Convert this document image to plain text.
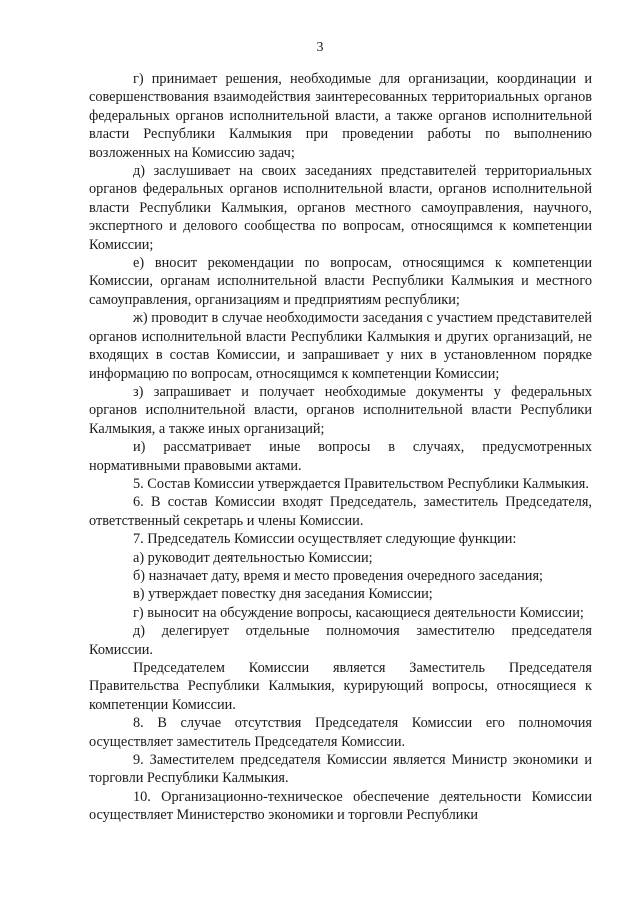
3

г) принимает решения, необходимые для организации, координации и совершенствования взаимодействия заинтересованных территориальных органов федеральных органов исполнительной власти, а также органов исполнительной власти Республики Калмыкия при проведении работы по выполнению возложенных на Комиссию задач;

д) заслушивает на своих заседаниях представителей территориальных органов федеральных органов исполнительной власти, органов исполнительной власти Республики Калмыкия, органов местного самоуправления, научного, экспертного и делового сообщества по вопросам, относящимся к компетенции Комиссии;

е) вносит рекомендации по вопросам, относящимся к компетенции Комиссии, органам исполнительной власти Республики Калмыкия и местного самоуправления, организациям и предприятиям республики;

ж) проводит в случае необходимости заседания с участием представителей органов исполнительной власти Республики Калмыкия и других организаций, не входящих в состав Комиссии, и запрашивает у них в установленном порядке информацию по вопросам, относящимся к компетенции Комиссии;

з) запрашивает и получает необходимые документы у федеральных органов исполнительной власти, органов исполнительной власти Республики Калмыкия, а также иных организаций;

и) рассматривает иные вопросы в случаях, предусмотренных нормативными правовыми актами.

5. Состав Комиссии утверждается Правительством Республики Калмыкия.

6. В состав Комиссии входят Председатель, заместитель Председателя, ответственный секретарь и члены Комиссии.

7. Председатель Комиссии осуществляет следующие функции:

а) руководит деятельностью Комиссии;

б) назначает дату, время и место проведения очередного заседания;

в) утверждает повестку дня заседания Комиссии;

г) выносит на обсуждение вопросы, касающиеся деятельности Комиссии;

д) делегирует отдельные полномочия заместителю председателя Комиссии.

Председателем Комиссии является Заместитель Председателя Правительства Республики Калмыкия, курирующий вопросы, относящиеся к компетенции Комиссии.

8. В случае отсутствия Председателя Комиссии его полномочия осуществляет заместитель Председателя Комиссии.

9. Заместителем председателя Комиссии является Министр экономики и торговли Республики Калмыкия.

10. Организационно-техническое обеспечение деятельности Комиссии осуществляет Министерство экономики и торговли Республики
